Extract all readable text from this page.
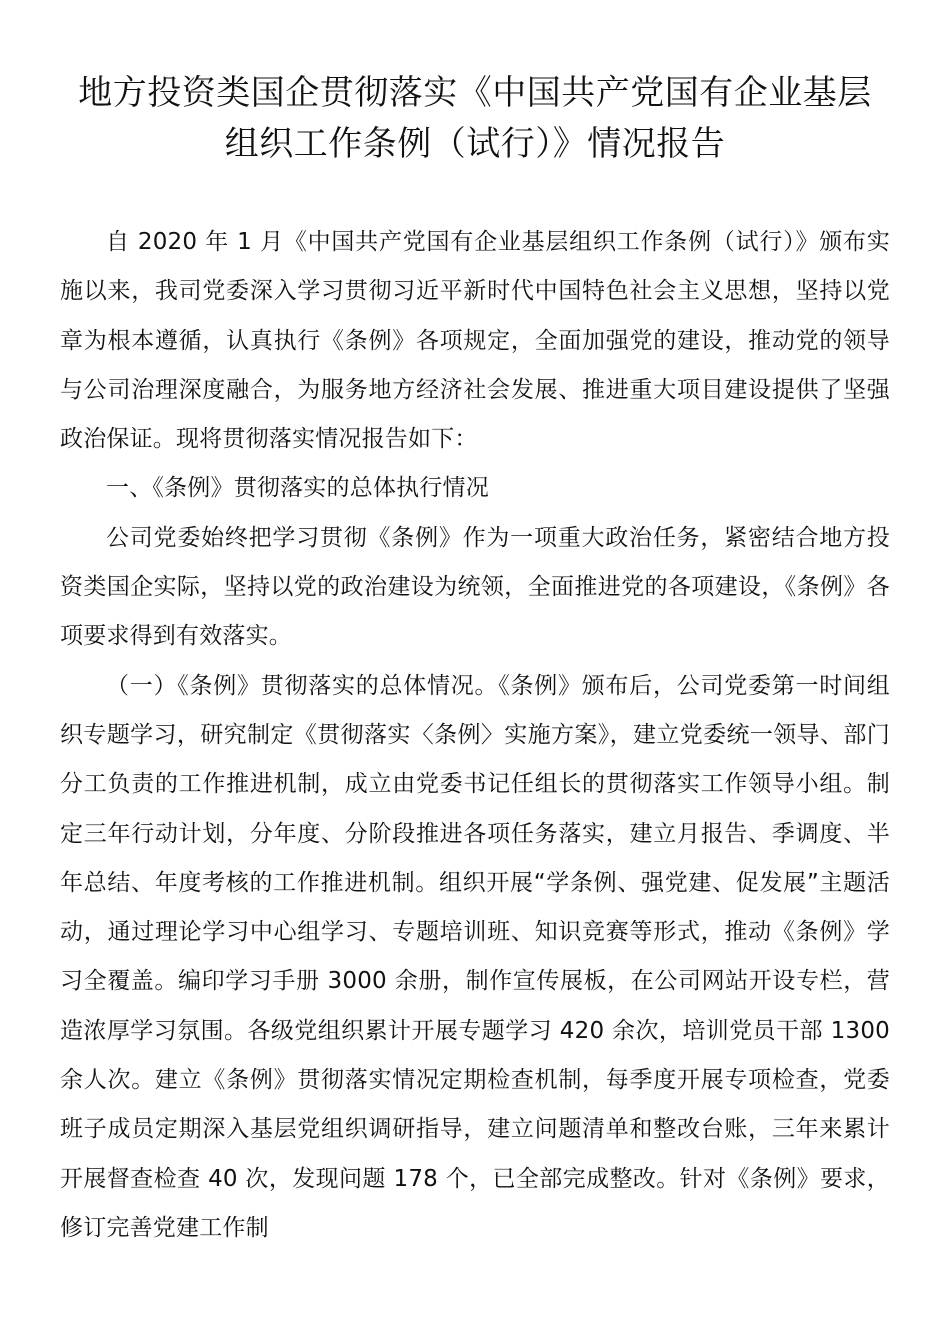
地方投资类国企贯彻落实《中国共产党国有企业基层
组织工作条例（试行）》情况报告

自 2020 年 1 月《中国共产党国有企业基层组织工作条例（试行）》颁布实施以来，我司党委深入学习贯彻习近平新时代中国特色社会主义思想，坚持以党章为根本遵循，认真执行《条例》各项规定，全面加强党的建设，推动党的领导与公司治理深度融合，为服务地方经济社会发展、推进重大项目建设提供了坚强政治保证。现将贯彻落实情况报告如下：

一、《条例》贯彻落实的总体执行情况

公司党委始终把学习贯彻《条例》作为一项重大政治任务，紧密结合地方投资类国企实际，坚持以党的政治建设为统领，全面推进党的各项建设，《条例》各项要求得到有效落实。

（一）《条例》贯彻落实的总体情况。《条例》颁布后，公司党委第一时间组织专题学习，研究制定《贯彻落实〈条例〉实施方案》，建立党委统一领导、部门分工负责的工作推进机制，成立由党委书记任组长的贯彻落实工作领导小组。制定三年行动计划，分年度、分阶段推进各项任务落实，建立月报告、季调度、半年总结、年度考核的工作推进机制。组织开展“学条例、强党建、促发展”主题活动，通过理论学习中心组学习、专题培训班、知识竞赛等形式，推动《条例》学习全覆盖。编印学习手册 3000 余册，制作宣传展板，在公司网站开设专栏，营造浓厚学习氛围。各级党组织累计开展专题学习 420 余次，培训党员干部 1300 余人次。建立《条例》贯彻落实情况定期检查机制，每季度开展专项检查，党委班子成员定期深入基层党组织调研指导，建立问题清单和整改台账，三年来累计开展督查检查 40 次，发现问题 178 个，已全部完成整改。针对《条例》要求，修订完善党建工作制
